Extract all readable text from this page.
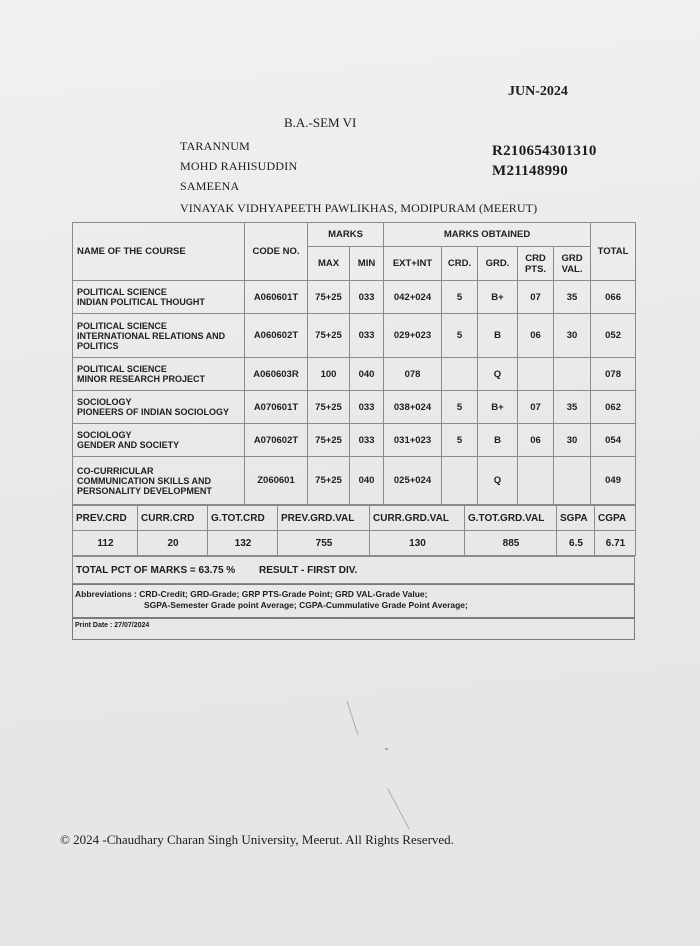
JUN-2024
B.A.-SEM VI
TARANNUM
MOHD RAHISUDDIN
SAMEENA
R210654301310
M21148990
VINAYAK VIDHYAPEETH PAWLIKHAS, MODIPURAM (MEERUT)
NAME OF THE COURSE	CODE NO.	MARKS		MARKS OBTAINED					TOTAL
		MAX	MIN	EXT+INT	CRD.	GRD.	CRD PTS.	GRD VAL.	
POLITICAL SCIENCE
INDIAN POLITICAL THOUGHT	A060601T	75+25	033	042+024	5	B+	07	35	066
POLITICAL SCIENCE
INTERNATIONAL RELATIONS AND
POLITICS	A060602T	75+25	033	029+023	5	B	06	30	052
POLITICAL SCIENCE
MINOR RESEARCH PROJECT	A060603R	100	040	078		Q			078
SOCIOLOGY
PIONEERS OF INDIAN SOCIOLOGY	A070601T	75+25	033	038+024	5	B+	07	35	062
SOCIOLOGY
GENDER AND SOCIETY	A070602T	75+25	033	031+023	5	B	06	30	054
CO-CURRICULAR
COMMUNICATION SKILLS AND
PERSONALITY DEVELOPMENT	Z060601	75+25	040	025+024		Q			049
PREV.CRD	CURR.CRD	G.TOT.CRD	PREV.GRD.VAL	CURR.GRD.VAL	G.TOT.GRD.VAL	SGPA	CGPA
112	20	132	755	130	885	6.5	6.71
TOTAL PCT OF MARKS = 63.75 % RESULT - FIRST DIV.
Abbreviations : CRD-Credit; GRD-Grade; GRP PTS-Grade Point; GRD VAL-Grade Value;
SGPA-Semester Grade point Average; CGPA-Cummulative Grade Point Average;
Print Date : 27/07/2024
© 2024 -Chaudhary Charan Singh University, Meerut. All Rights Reserved.
